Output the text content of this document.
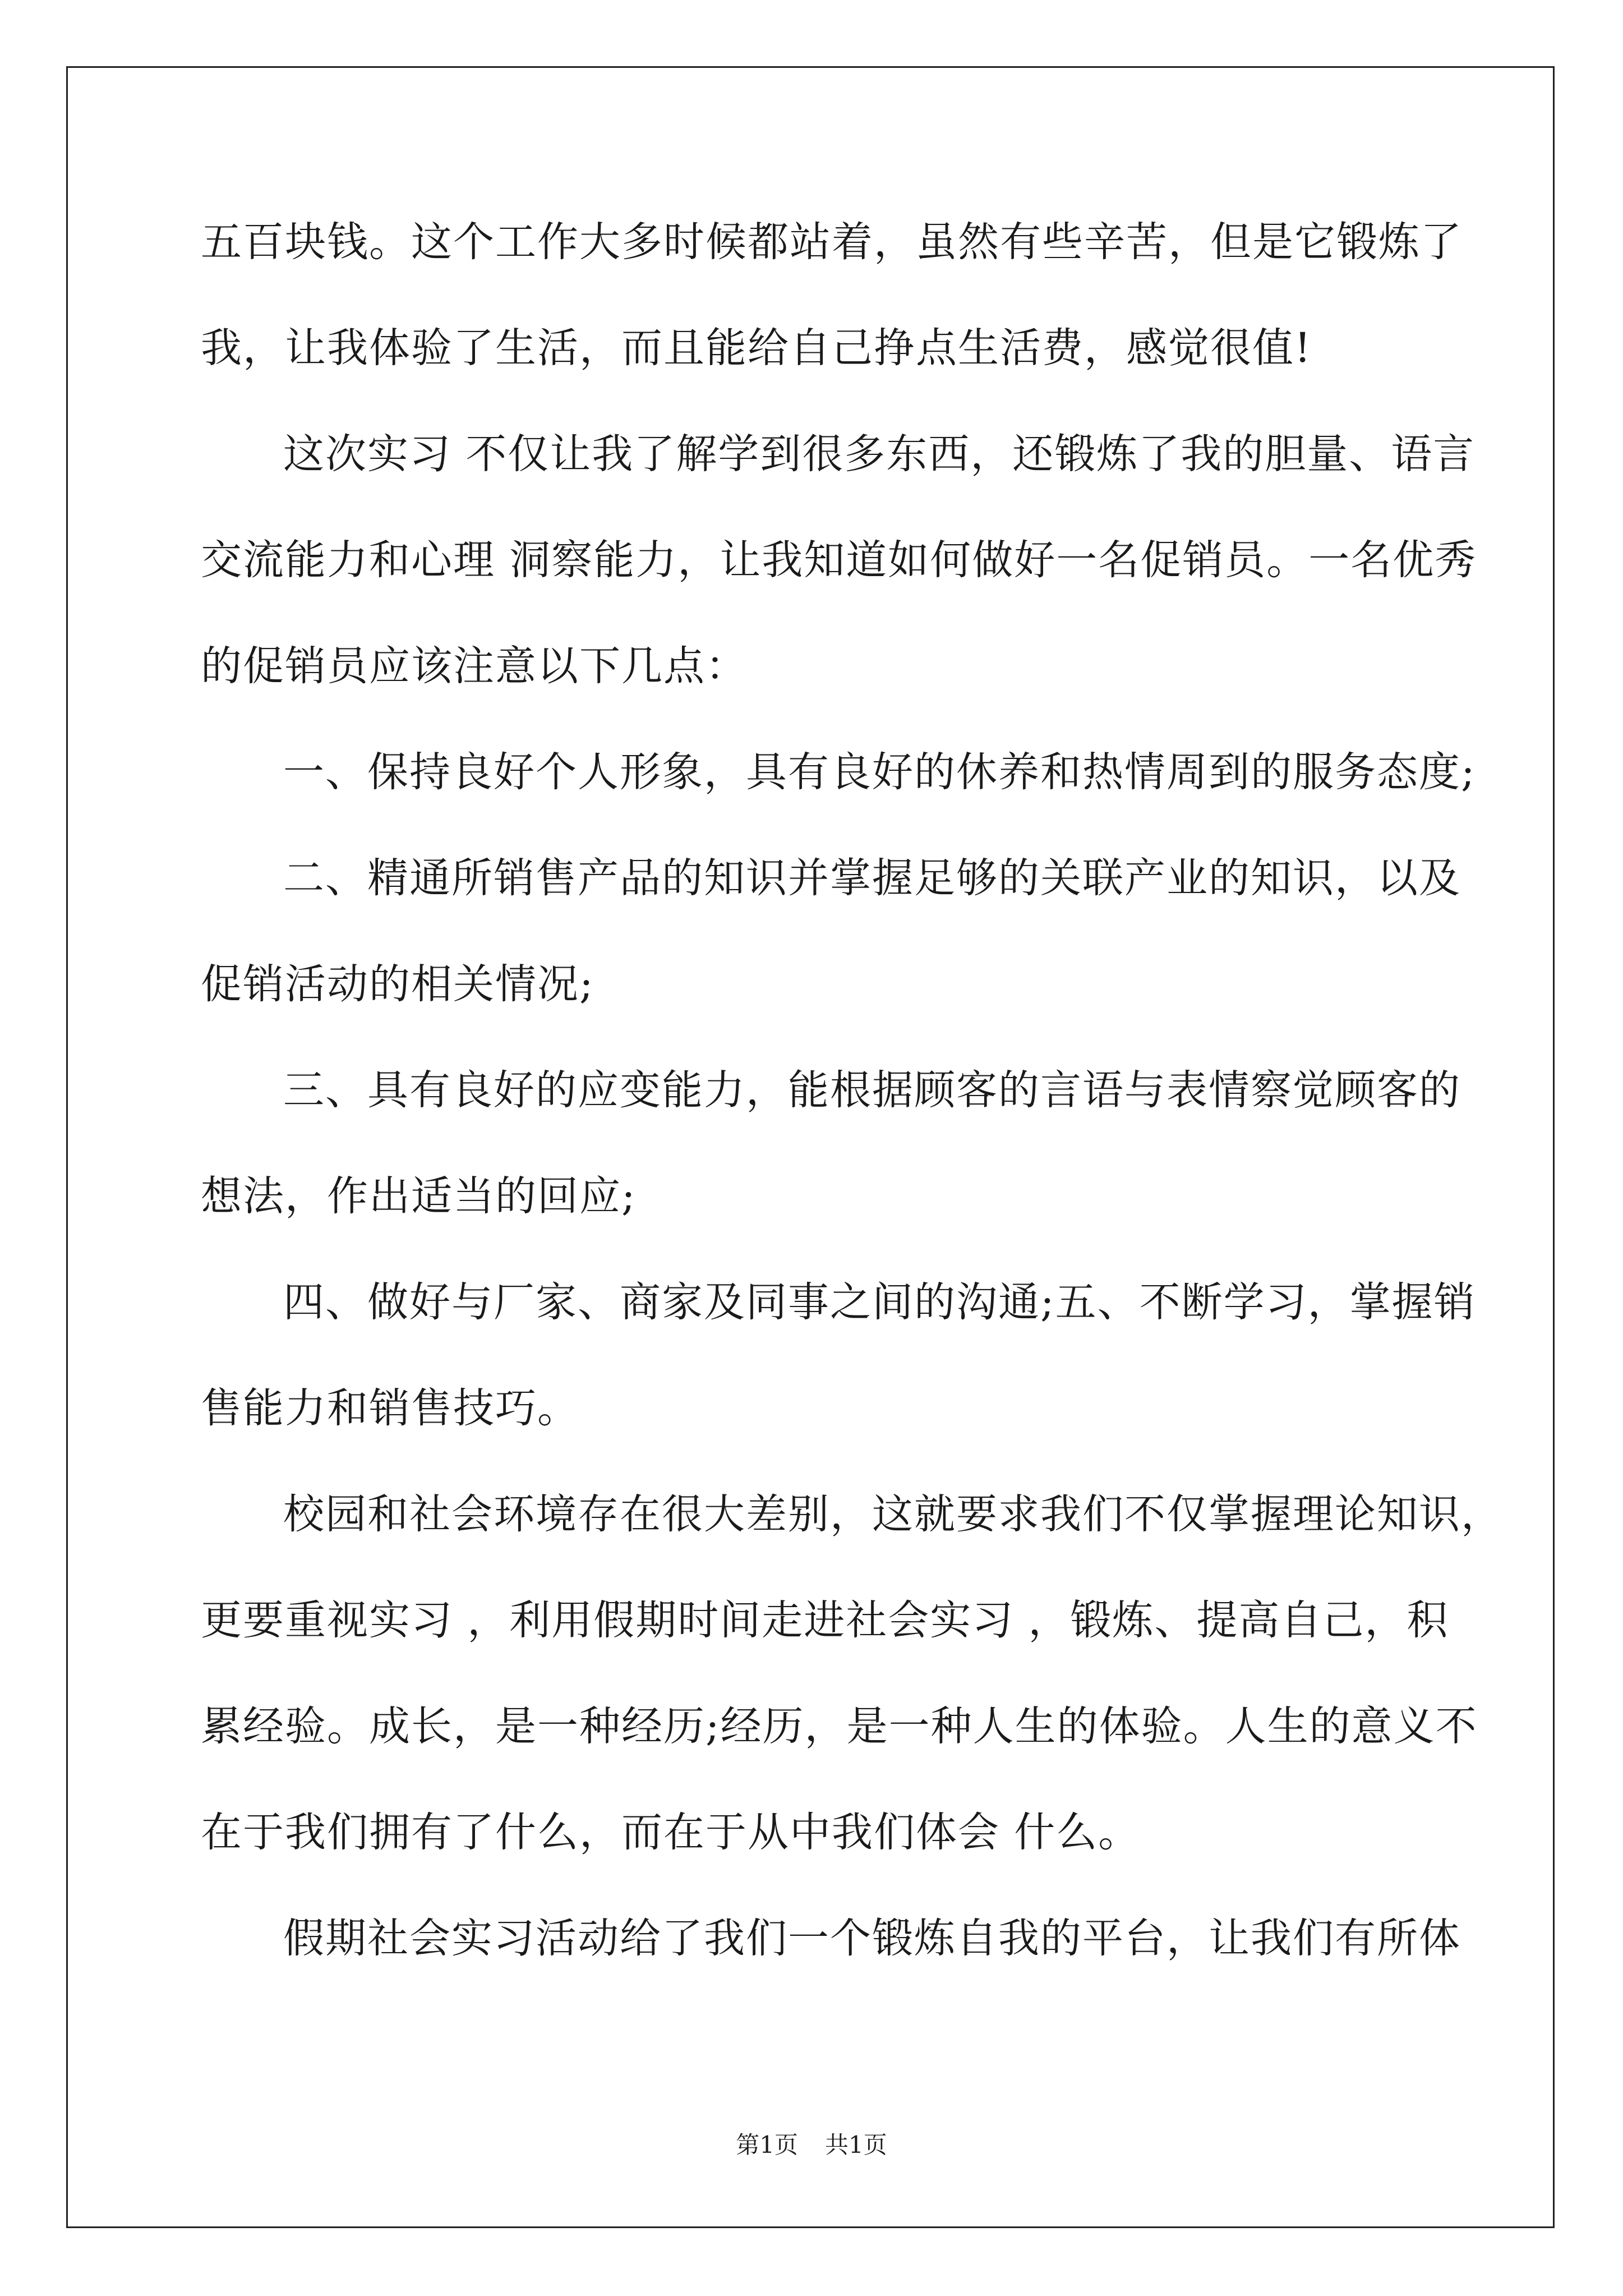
五百块钱。这个工作大多时候都站着，虽然有些辛苦，但是它锻炼了
我，让我体验了生活，而且能给自己挣点生活费，感觉很值!
这次实习 不仅让我了解学到很多东西，还锻炼了我的胆量、语言
交流能力和心理 洞察能力，让我知道如何做好一名促销员。一名优秀
的促销员应该注意以下几点：
一、保持良好个人形象，具有良好的休养和热情周到的服务态度;
二、精通所销售产品的知识并掌握足够的关联产业的知识，以及
促销活动的相关情况;
三、具有良好的应变能力，能根据顾客的言语与表情察觉顾客的
想法，作出适当的回应;
四、做好与厂家、商家及同事之间的沟通;五、不断学习，掌握销
售能力和销售技巧。
校园和社会环境存在很大差别，这就要求我们不仅掌握理论知识，
更要重视实习 ，利用假期时间走进社会实习 ，锻炼、提高自己，积
累经验。成长，是一种经历;经历，是一种人生的体验。人生的意义不
在于我们拥有了什么，而在于从中我们体会 什么。
假期社会实习活动给了我们一个锻炼自我的平台，让我们有所体
第1页 共1页
